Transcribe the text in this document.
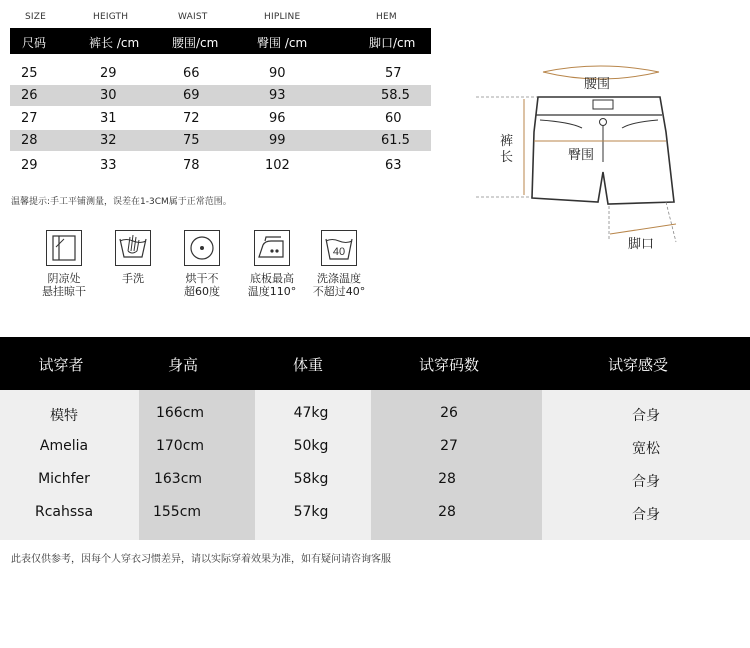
SIZE	HEIGTH	WAIST	HIPLINE	HEM
尺码	裤长 /cm	腰围/cm	臀围 /cm	脚口/cm
25	29	66	90	57
26	30	69	93	58.5
27	31	72	96	60
28	32	75	99	61.5
29	33	78	102	63
温馨提示:手工平铺测量，误差在1-3CM属于正常范围。
阴凉处
悬挂晾干
手洗	烘干不
超60度
底板最高
温度110°
40
洗涤温度
不超过40°
腰围
裤
长	臀围
脚口
试穿者	身高	体重	试穿码数	试穿感受
模特	166cm	47kg	26	合身
Amelia	170cm	50kg	27	宽松
Michfer	163cm	58kg	28	合身
Rcahssa	155cm	57kg	28	合身
此表仅供参考，因每个人穿衣习惯差异，请以实际穿着效果为准，如有疑问请咨询客服
